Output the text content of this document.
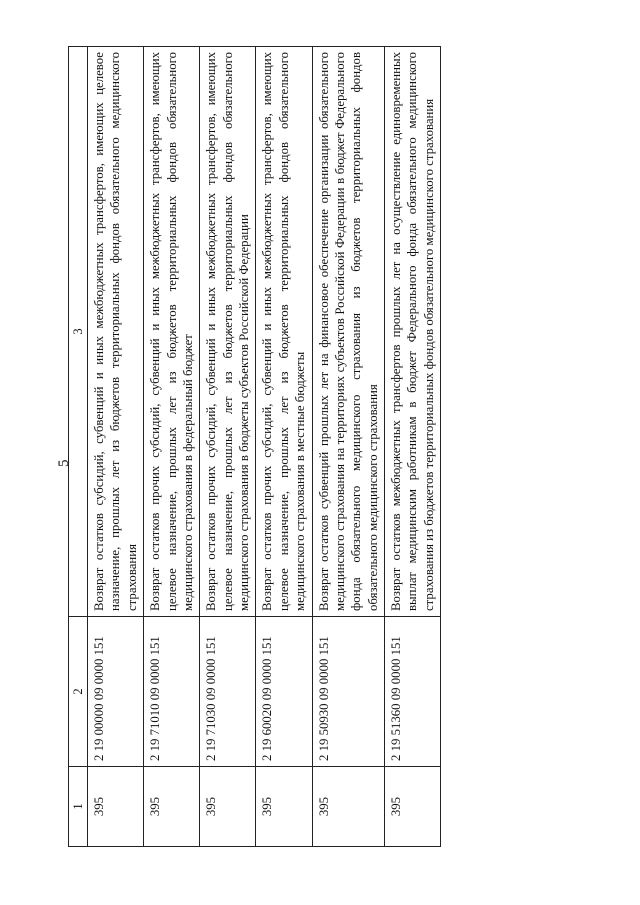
5
1	2	3
395	2 19 00000 09 0000 151	Возврат остатков субсидий, субвенций и иных межбюджетных трансфертов, имеющих целевое назначение, прошлых лет из бюджетов территориальных фондов обязательного медицинского страхования
395	2 19 71010 09 0000 151	Возврат остатков прочих субсидий, субвенций и иных межбюджетных трансфертов, имеющих целевое назначение, прошлых лет из бюджетов территориальных фондов обязательного медицинского страхования в федеральный бюджет
395	2 19 71030 09 0000 151	Возврат остатков прочих субсидий, субвенций и иных межбюджетных трансфертов, имеющих целевое назначение, прошлых лет из бюджетов территориальных фондов обязательного медицинского страхования в бюджеты субъектов Российской Федерации
395	2 19 60020 09 0000 151	Возврат остатков прочих субсидий, субвенций и иных межбюджетных трансфертов, имеющих целевое назначение, прошлых лет из бюджетов территориальных фондов обязательного медицинского страхования в местные бюджеты
395	2 19 50930 09 0000 151	Возврат остатков субвенций прошлых лет на финансовое обеспечение организации обязательного медицинского страхования на территориях субъектов Российской Федерации в бюджет Федерального фонда обязательного медицинского страхования из бюджетов территориальных фондов обязательного медицинского страхования
395	2 19 51360 09 0000 151	Возврат остатков межбюджетных трансфертов прошлых лет на осуществление единовременных выплат медицинским работникам в бюджет Федерального фонда обязательного медицинского страхования из бюджетов территориальных фондов обязательного медицинского страхования
